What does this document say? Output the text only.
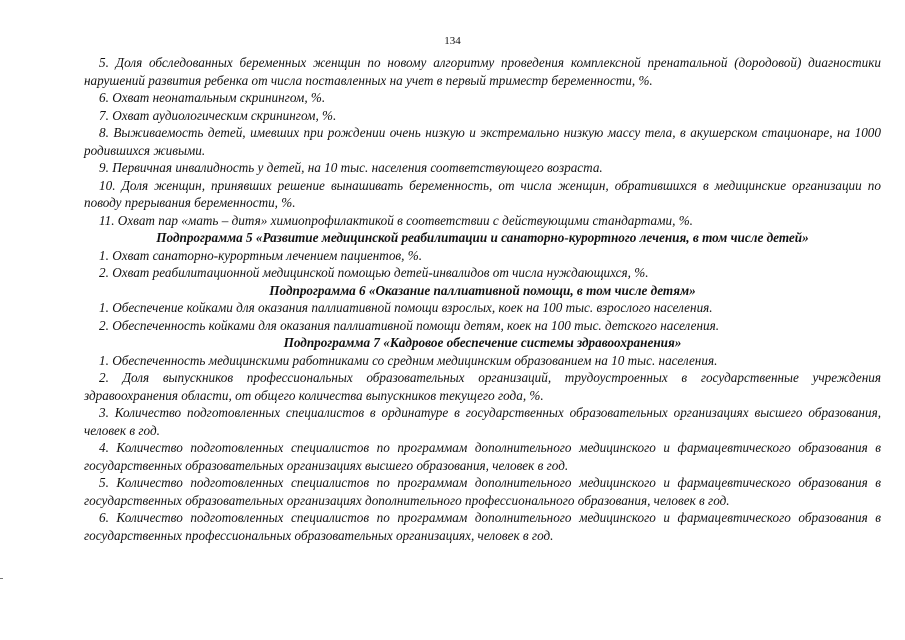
134

5. Доля обследованных беременных женщин по новому алгоритму проведения комплексной пренатальной (дородовой) диагностики нарушений развития ребенка от числа поставленных на учет в первый триместр беременности, %.

6. Охват неонатальным скринингом, %.

7. Охват аудиологическим скринингом, %.

8. Выживаемость детей, имевших при рождении очень низкую и экстремально низкую массу тела, в акушерском стационаре, на 1000 родившихся живыми.

9. Первичная инвалидность у детей, на 10 тыс. населения соответствующего возраста.

10. Доля женщин, принявших решение вынашивать беременность, от числа женщин, обратившихся в медицинские организации по поводу прерывания беременности, %.

11. Охват пар «мать – дитя» химиопрофилактикой в соответствии с действующими стандартами, %.

Подпрограмма 5 «Развитие медицинской реабилитации и санаторно-курортного лечения, в том числе детей»

1. Охват санаторно-курортным лечением пациентов, %.

2. Охват реабилитационной медицинской помощью детей-инвалидов от числа нуждающихся, %.

Подпрограмма 6 «Оказание паллиативной помощи, в том числе детям»

1. Обеспечение койками для оказания паллиативной помощи взрослых, коек на 100 тыс. взрослого населения.

2. Обеспеченность койками для оказания паллиативной помощи детям, коек на 100 тыс. детского населения.

Подпрограмма 7 «Кадровое обеспечение системы здравоохранения»

1. Обеспеченность медицинскими работниками со средним медицинским образованием на 10 тыс. населения.

2. Доля выпускников профессиональных образовательных организаций, трудоустроенных в государственные учреждения здравоохранения области, от общего количества выпускников текущего года, %.

3. Количество подготовленных специалистов в ординатуре в государственных образовательных организациях высшего образования, человек в год.

4. Количество подготовленных специалистов по программам дополнительного медицинского и фармацевтического образования в государственных образовательных организациях высшего образования, человек в год.

5. Количество подготовленных специалистов по программам дополнительного медицинского и фармацевтического образования в государственных образовательных организациях дополнительного профессионального образования, человек в год.

6. Количество подготовленных специалистов по программам дополнительного медицинского и фармацевтического образования в государственных профессиональных образовательных организациях, человек в год.
